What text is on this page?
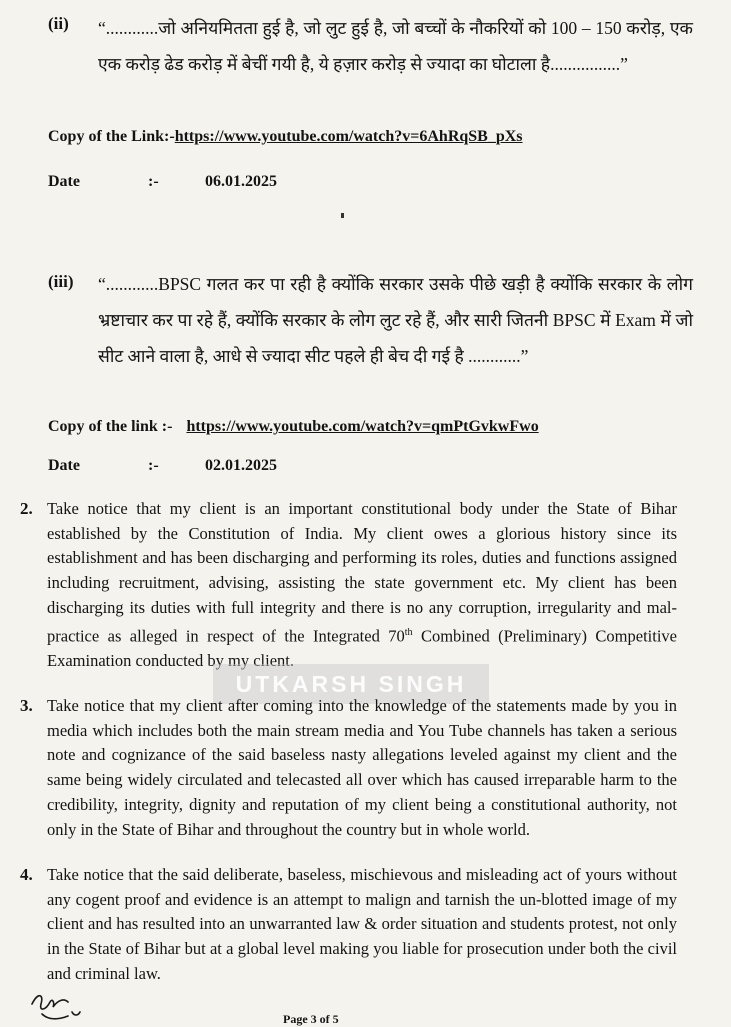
(ii) “............जो अनियमितता हुई है, जो लुट हुई है, जो बच्चों के नौकरियों को 100 – 150 करोड़, एक एक करोड़ ढेड करोड़ में बेचीं गयी है, ये हज़ार करोड़ से ज्यादा का घोटाला है................”
Copy of the Link:-https://www.youtube.com/watch?v=6AhRqSB_pXs
Date	:-	06.01.2025
(iii) “............BPSC गलत कर पा रही है क्योंकि सरकार उसके पीछे खड़ी है क्योंकि सरकार के लोग भ्रष्टाचार कर पा रहे हैं, क्योंकि सरकार के लोग लुट रहे हैं, और सारी जितनी BPSC में Exam में जो सीट आने वाला है, आधे से ज्यादा सीट पहले ही बेच दी गई है ............”
Copy of the link :- https://www.youtube.com/watch?v=qmPtGvkwFwo
Date	:-	02.01.2025
2. Take notice that my client is an important constitutional body under the State of Bihar established by the Constitution of India. My client owes a glorious history since its establishment and has been discharging and performing its roles, duties and functions assigned including recruitment, advising, assisting the state government etc. My client has been discharging its duties with full integrity and there is no any corruption, irregularity and mal- practice as alleged in respect of the Integrated 70th Combined (Preliminary) Competitive Examination conducted by my client.
UTKARSH SINGH
3. Take notice that my client after coming into the knowledge of the statements made by you in media which includes both the main stream media and You Tube channels has taken a serious note and cognizance of the said baseless nasty allegations leveled against my client and the same being widely circulated and telecasted all over which has caused irreparable harm to the credibility, integrity, dignity and reputation of my client being a constitutional authority, not only in the State of Bihar and throughout the country but in whole world.
4. Take notice that the said deliberate, baseless, mischievous and misleading act of yours without any cogent proof and evidence is an attempt to malign and tarnish the un-blotted image of my client and has resulted into an unwarranted law & order situation and students protest, not only in the State of Bihar but at a global level making you liable for prosecution under both the civil and criminal law.
Page 3 of 5
